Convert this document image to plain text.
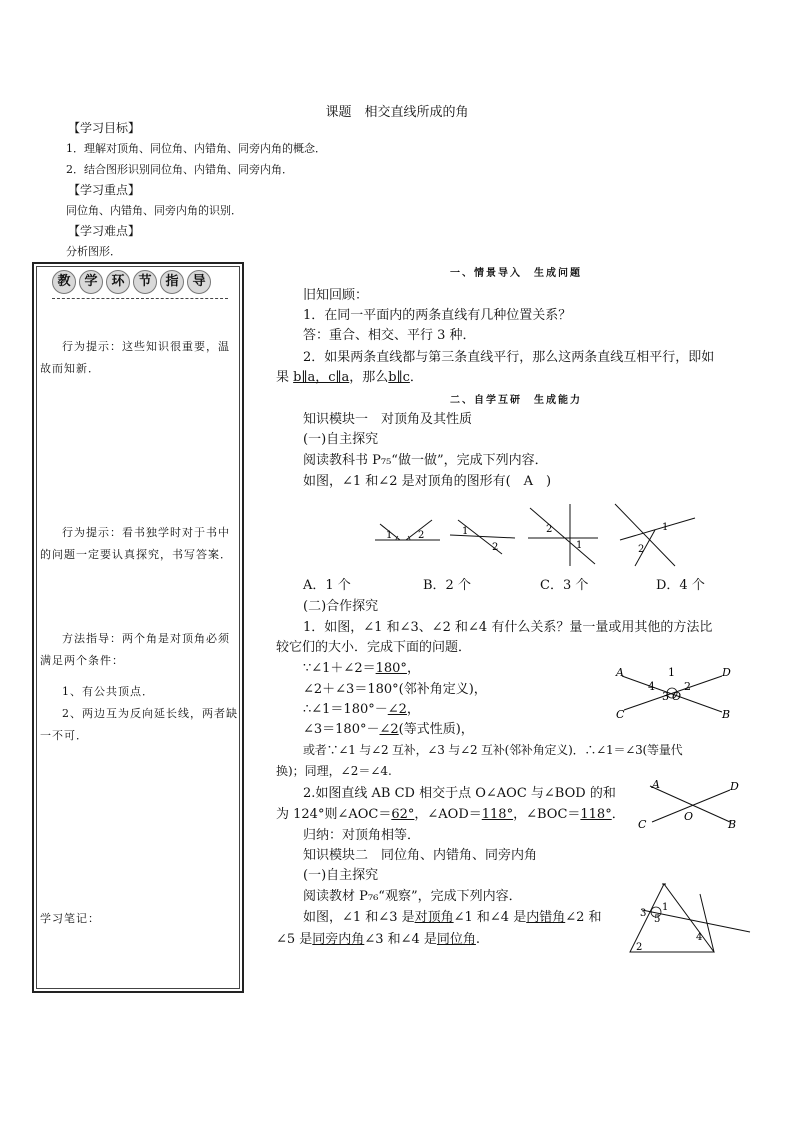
课题　相交直线所成的角
【学习目标】
1．理解对顶角、同位角、内错角、同旁内角的概念．
2．结合图形识别同位角、内错角、同旁内角．
【学习重点】
同位角、内错角、同旁内角的识别．
【学习难点】
分析图形．
教 学 环 节 指 导
行为提示：这些知识很重要，温故而知新．
行为提示：看书独学时对于书中的问题一定要认真探究，书写答案．
方法指导：两个角是对顶角必须满足两个条件：
1、有公共顶点．
2、两边互为反向延长线，两者缺一不可．
学习笔记：
一、情景导入　生成问题
旧知回顾：
1．在同一平面内的两条直线有几种位置关系？
答：重合、相交、平行 3 种．
2．如果两条直线都与第三条直线平行，那么这两条直线互相平行，即如
果 b∥a，c∥a，那么b∥c．
二、自学互研　生成能力
知识模块一　对顶角及其性质
(一)自主探究
阅读教科书 P₇₅“做一做”，完成下列内容．
如图，∠1 和∠2 是对顶角的图形有(　A　)
1	2	1
2
2
1
1
2
A．1 个	B．2 个	C．3 个	D．4 个
(二)合作探究
1．如图，∠1 和∠3、∠2 和∠4 有什么关系？量一量或用其他的方法比
较它们的大小．完成下面的问题．
∵∠1＋∠2＝180°，
∠2＋∠3＝180°(邻补角定义)，
∴∠1＝180°－∠2，
∠3＝180°－∠2(等式性质)，
A	D
1
4	2
3 O
C	B
或者∵∠1 与∠2 互补，∠3 与∠2 互补(邻补角定义)．∴∠1＝∠3(等量代
换)；同理，∠2＝∠4.
2.如图直线 AB CD 相交于点 O∠AOC 与∠BOD 的和
为 124°则∠AOC＝62°，∠AOD＝118°，∠BOC＝118°．
A	D
O
C	B
归纳：对顶角相等．
知识模块二　同位角、内错角、同旁内角
(一)自主探究
阅读教材 P₇₆“观察”，完成下列内容．
如图，∠1 和∠3 是对顶角∠1 和∠4 是内错角∠2 和
∠5 是同旁内角∠3 和∠4 是同位角.
3
1
5
4
2
